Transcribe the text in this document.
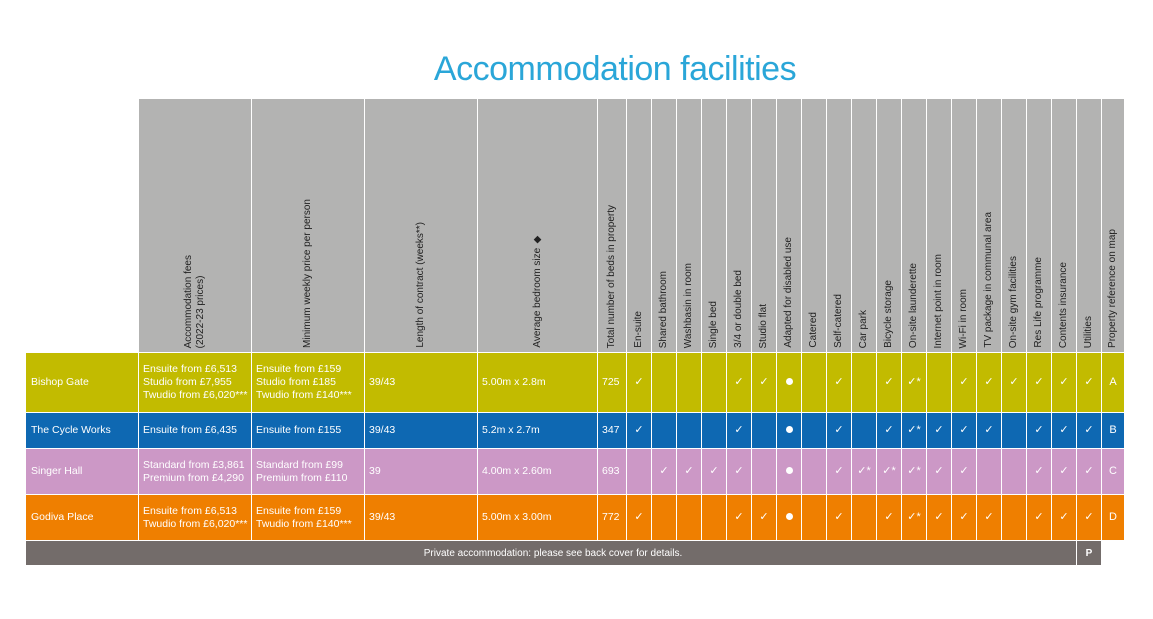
Accommodation facilities

	Accommodation fees (2022-23 prices)	Minimum weekly price per person	Length of contract (weeks**)	Average bedroom size ◆	Total number of beds in property	En-suite	Shared bathroom	Washbasin in room	Single bed	3/4 or double bed	Studio flat	Adapted for disabled use	Catered	Self-catered	Car park	Bicycle storage	On-site launderette	Internet point in room	Wi-Fi in room	TV package in communal area	On-site gym facilities	Res Life programme	Contents insurance	Utilities	Property reference on map

Bishop Gate	Ensuite from £6,513
Studio from £7,955
Twudio from £6,020***	Ensuite from £159
Studio from £185
Twudio from £140***	39/43	5.00m x 2.8m	725	✓				✓	✓			✓		✓	✓*		✓	✓	✓	✓	✓	✓	A
The Cycle Works	Ensuite from £6,435	Ensuite from £155	39/43	5.2m x 2.7m	347	✓				✓				✓		✓	✓*	✓	✓	✓		✓	✓	✓	B
Singer Hall	Standard from £3,861
Premium from £4,290	Standard from £99
Premium from £110	39	4.00m x 2.60m	693		✓	✓	✓	✓				✓	✓*	✓*	✓*	✓	✓			✓	✓	✓	C
Godiva Place	Ensuite from £6,513
Twudio from £6,020***	Ensuite from £159
Twudio from £140***	39/43	5.00m x 3.00m	772	✓				✓	✓			✓		✓	✓*	✓	✓	✓		✓	✓	✓	D
Private accommodation: please see back cover for details.																								P	
